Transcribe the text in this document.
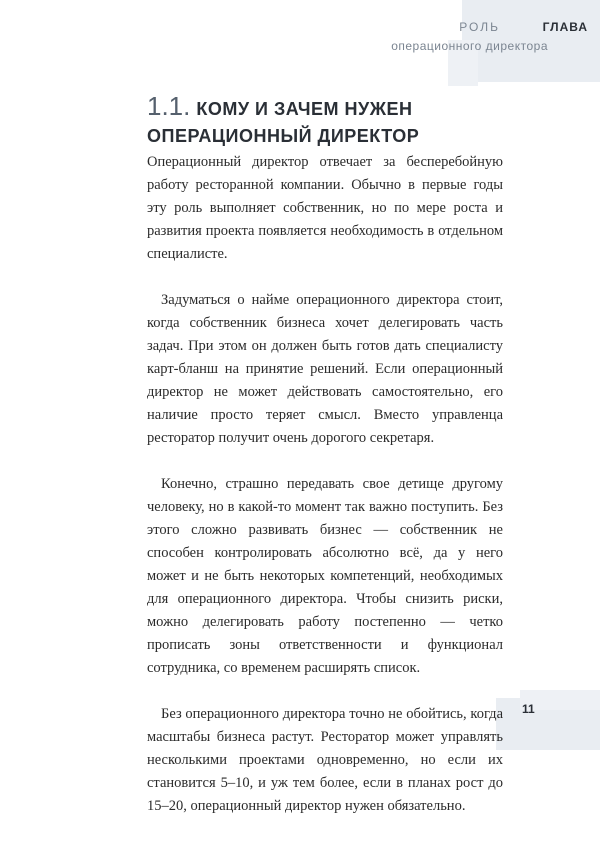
РОЛЬ	ГЛАВА
операционного директора
1.1. КОМУ И ЗАЧЕМ НУЖЕН
ОПЕРАЦИОННЫЙ ДИРЕКТОР

Операционный директор отвечает за бесперебойную работу ресторанной компании. Обычно в первые годы эту роль выполняет собственник, но по мере роста и развития проекта появляется необходимость в отдельном специалисте.

Задуматься о найме операционного директора стоит, когда собственник бизнеса хочет делегировать часть задач. При этом он должен быть готов дать специалисту карт-бланш на принятие решений. Если операционный директор не может действовать самостоятельно, его наличие просто теряет смысл. Вместо управленца ресторатор получит очень дорогого секретаря.

Конечно, страшно передавать свое детище другому человеку, но в какой-то момент так важно поступить. Без этого сложно развивать бизнес — собственник не способен контролировать абсолютно всё, да у него может и не быть некоторых компетенций, необходимых для операционного директора. Чтобы снизить риски, можно делегировать работу постепенно — четко прописать зоны ответственности и функционал сотрудника, со временем расширять список.

Без операционного директора точно не обойтись, когда масштабы бизнеса растут. Ресторатор может управлять несколькими проектами одновременно, но если их становится 5–10, и уж тем более, если в планах рост до 15–20, операционный директор нужен обязательно.

11
